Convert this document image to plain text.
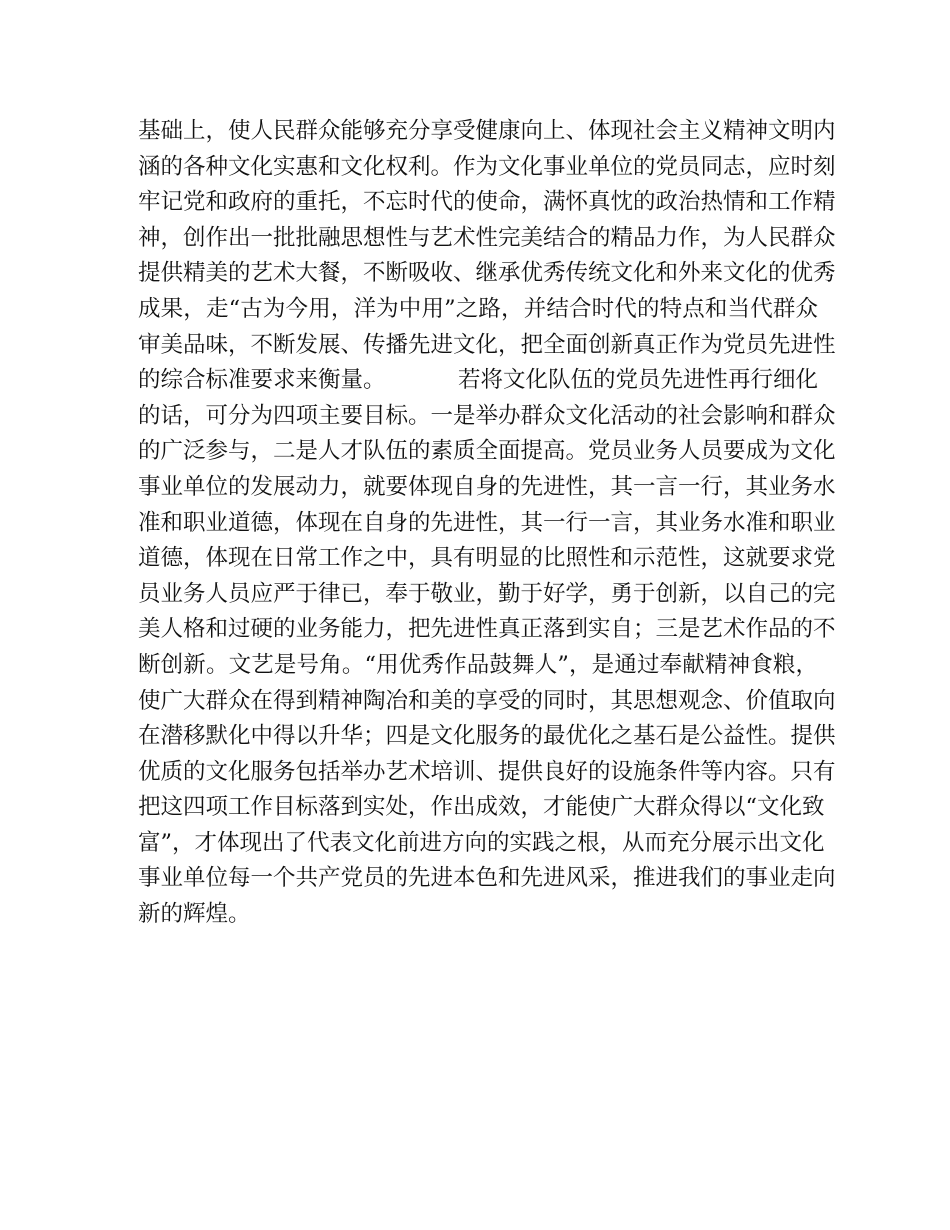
基础上，使人民群众能够充分享受健康向上、体现社会主义精神文明内
涵的各种文化实惠和文化权利。作为文化事业单位的党员同志，应时刻
牢记党和政府的重托，不忘时代的使命，满怀真忱的政治热情和工作精
神，创作出一批批融思想性与艺术性完美结合的精品力作，为人民群众
提供精美的艺术大餐，不断吸收、继承优秀传统文化和外来文化的优秀
成果，走“古为今用，洋为中用”之路，并结合时代的特点和当代群众
审美品味，不断发展、传播先进文化，把全面创新真正作为党员先进性
的综合标准要求来衡量。	若将文化队伍的党员先进性再行细化
的话，可分为四项主要目标。一是举办群众文化活动的社会影响和群众
的广泛参与，二是人才队伍的素质全面提高。党员业务人员要成为文化
事业单位的发展动力，就要体现自身的先进性，其一言一行，其业务水
准和职业道德，体现在自身的先进性，其一行一言，其业务水准和职业
道德，体现在日常工作之中，具有明显的比照性和示范性，这就要求党
员业务人员应严于律已，奉于敬业，勤于好学，勇于创新，以自己的完
美人格和过硬的业务能力，把先进性真正落到实自；三是艺术作品的不
断创新。文艺是号角。“用优秀作品鼓舞人”，是通过奉献精神食粮，
使广大群众在得到精神陶冶和美的享受的同时，其思想观念、价值取向
在潜移默化中得以升华；四是文化服务的最优化之基石是公益性。提供
优质的文化服务包括举办艺术培训、提供良好的设施条件等内容。只有
把这四项工作目标落到实处，作出成效，才能使广大群众得以“文化致
富”，才体现出了代表文化前进方向的实践之根，从而充分展示出文化
事业单位每一个共产党员的先进本色和先进风采，推进我们的事业走向
新的辉煌。
